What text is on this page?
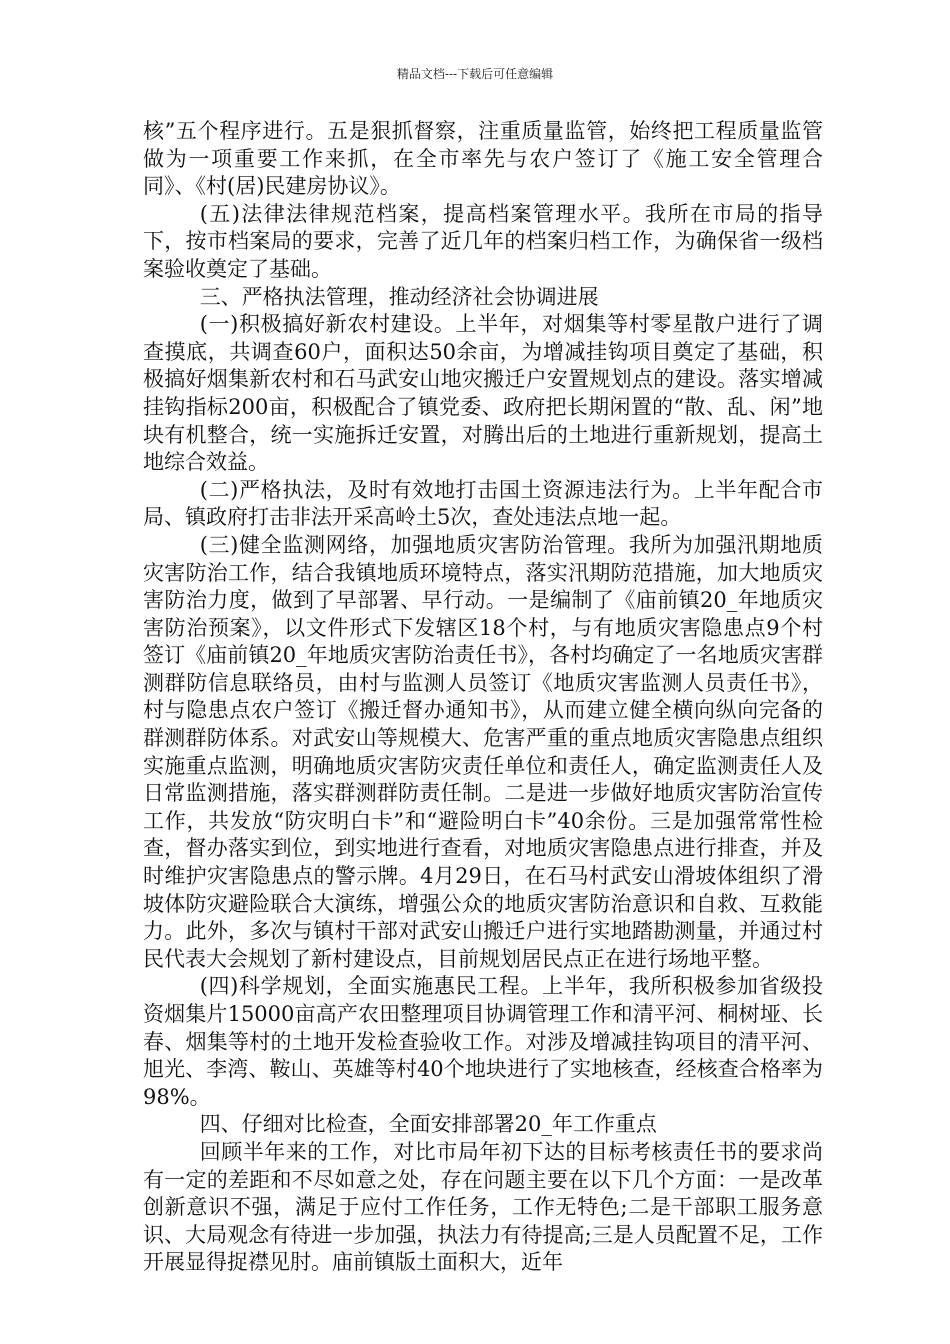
精品文档---下载后可任意编辑

核”五个程序进行。五是狠抓督察，注重质量监管，始终把工程质量监管做为一项重要工作来抓，在全市率先与农户签订了《施工安全管理合同》、《村(居)民建房协议》。

(五)法律法律规范档案，提高档案管理水平。我所在市局的指导下，按市档案局的要求，完善了近几年的档案归档工作，为确保省一级档案验收奠定了基础。

三、严格执法管理，推动经济社会协调进展

(一)积极搞好新农村建设。上半年，对烟集等村零星散户进行了调查摸底，共调查60户，面积达50余亩，为增减挂钩项目奠定了基础，积极搞好烟集新农村和石马武安山地灾搬迁户安置规划点的建设。落实增减挂钩指标200亩，积极配合了镇党委、政府把长期闲置的“散、乱、闲”地块有机整合，统一实施拆迁安置，对腾出后的土地进行重新规划，提高土地综合效益。

(二)严格执法，及时有效地打击国土资源违法行为。上半年配合市局、镇政府打击非法开采高岭土5次，查处违法点地一起。

(三)健全监测网络，加强地质灾害防治管理。我所为加强汛期地质灾害防治工作，结合我镇地质环境特点，落实汛期防范措施，加大地质灾害防治力度，做到了早部署、早行动。一是编制了《庙前镇20_年地质灾害防治预案》，以文件形式下发辖区18个村，与有地质灾害隐患点9个村签订《庙前镇20_年地质灾害防治责任书》，各村均确定了一名地质灾害群测群防信息联络员，由村与监测人员签订《地质灾害监测人员责任书》，村与隐患点农户签订《搬迁督办通知书》，从而建立健全横向纵向完备的群测群防体系。对武安山等规模大、危害严重的重点地质灾害隐患点组织实施重点监测，明确地质灾害防灾责任单位和责任人，确定监测责任人及日常监测措施，落实群测群防责任制。二是进一步做好地质灾害防治宣传工作，共发放“防灾明白卡”和“避险明白卡”40余份。三是加强常常性检查，督办落实到位，到实地进行查看，对地质灾害隐患点进行排查，并及时维护灾害隐患点的警示牌。4月29日，在石马村武安山滑坡体组织了滑坡体防灾避险联合大演练，增强公众的地质灾害防治意识和自救、互救能力。此外，多次与镇村干部对武安山搬迁户进行实地踏勘测量，并通过村民代表大会规划了新村建设点，目前规划居民点正在进行场地平整。

(四)科学规划，全面实施惠民工程。上半年，我所积极参加省级投资烟集片15000亩高产农田整理项目协调管理工作和清平河、桐树垭、长春、烟集等村的土地开发检查验收工作。对涉及增减挂钩项目的清平河、旭光、李湾、鞍山、英雄等村40个地块进行了实地核查，经核查合格率为98%。

四、仔细对比检查，全面安排部署20_年工作重点

回顾半年来的工作，对比市局年初下达的目标考核责任书的要求尚有一定的差距和不尽如意之处，存在问题主要在以下几个方面：一是改革创新意识不强，满足于应付工作任务，工作无特色;二是干部职工服务意识、大局观念有待进一步加强，执法力有待提高;三是人员配置不足，工作开展显得捉襟见肘。庙前镇版土面积大，近年
